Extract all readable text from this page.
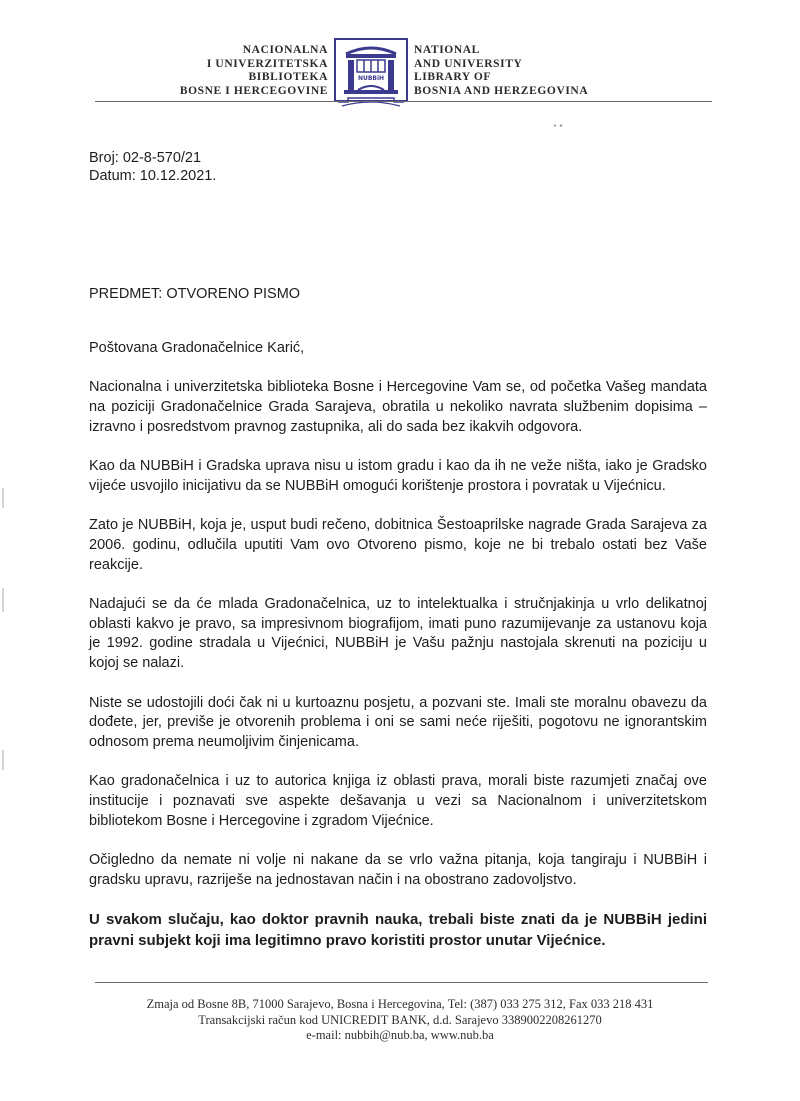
NACIONALNA
I UNIVERZITETSKA
BIBLIOTEKA
BOSNE I HERCEGOVINE
NUBBiH
NATIONAL
AND UNIVERSITY
LIBRARY OF
BOSNIA AND HERZEGOVINA
Broj: 02-8-570/21
Datum: 10.12.2021.
PREDMET: OTVORENO PISMO
Poštovana Gradonačelnice Karić,

Nacionalna i univerzitetska biblioteka Bosne i Hercegovine Vam se, od početka Vašeg mandata na poziciji Gradonačelnice Grada Sarajeva, obratila u nekoliko navrata službenim dopisima – izravno i posredstvom pravnog zastupnika, ali do sada bez ikakvih odgovora.

Kao da NUBBiH i Gradska uprava nisu u istom gradu i kao da ih ne veže ništa, iako je Gradsko vijeće usvojilo inicijativu da se NUBBiH omogući korištenje prostora i povratak u Vijećnicu.

Zato je NUBBiH, koja je, usput budi rečeno, dobitnica Šestoaprilske nagrade Grada Sarajeva za 2006. godinu, odlučila uputiti Vam ovo Otvoreno pismo, koje ne bi trebalo ostati bez Vaše reakcije.

Nadajući se da će mlada Gradonačelnica, uz to intelektualka i stručnjakinja u vrlo delikatnoj oblasti kakvo je pravo, sa impresivnom biografijom, imati puno razumijevanje za ustanovu koja je 1992. godine stradala u Vijećnici, NUBBiH je Vašu pažnju nastojala skrenuti na poziciju u kojoj se nalazi.

Niste se udostojili doći čak ni u kurtoaznu posjetu, a pozvani ste. Imali ste moralnu obavezu da dođete, jer, previše je otvorenih problema i oni se sami neće riješiti, pogotovu ne ignorantskim odnosom prema neumoljivim činjenicama.

Kao gradonačelnica i uz to autorica knjiga iz oblasti prava, morali biste razumjeti značaj ove institucije i poznavati sve aspekte dešavanja u vezi sa Nacionalnom i univerzitetskom bibliotekom Bosne i Hercegovine i zgradom Vijećnice.

Očigledno da nemate ni volje ni nakane da se vrlo važna pitanja, koja tangiraju i NUBBiH i gradsku upravu, razriješe na jednostavan način i na obostrano zadovoljstvo.

U svakom slučaju, kao doktor pravnih nauka, trebali biste znati da je NUBBiH jedini pravni subjekt koji ima legitimno pravo koristiti prostor unutar Vijećnice.

Zmaja od Bosne 8B, 71000 Sarajevo, Bosna i Hercegovina, Tel: (387) 033 275 312, Fax 033 218 431
Transakcijski račun kod UNICREDIT BANK, d.d. Sarajevo 3389002208261270
e-mail: nubbih@nub.ba, www.nub.ba
